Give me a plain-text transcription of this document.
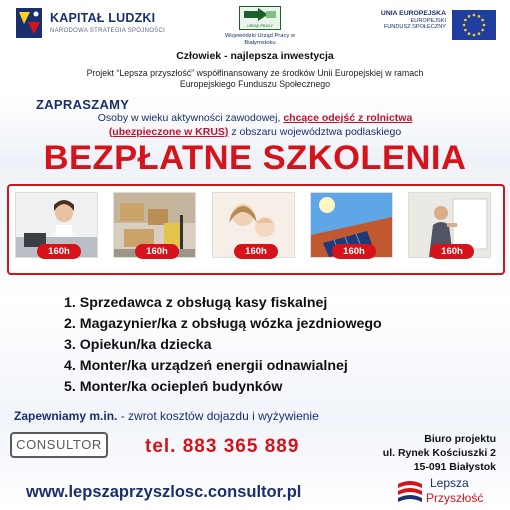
KAPITAŁ LUDZKI
NARODOWA STRATEGIA SPÓJNOŚCI
URZĄD PRACY
Wojewódzki Urząd Pracy w Białymstoku
UNIA EUROPEJSKA
EUROPEJSKI
FUNDUSZ SPOŁECZNY
Człowiek - najlepsza inwestycja
Projekt “Lepsza przyszłość” współfinansowany ze środków Unii Europejskiej w ramach Europejskiego Funduszu Społecznego
ZAPRASZAMY
Osoby w wieku aktywności zawodowej, chcące odejść z rolnictwa
(ubezpieczone w KRUS) z obszaru województwa podlaskiego
BEZPŁATNE SZKOLENIA
160h	160h	160h	160h	160h
1. Sprzedawca z obsługą kasy fiskalnej
2. Magazynier/ka z obsługą wózka jezdniowego
3. Opiekun/ka dziecka
4. Monter/ka urządzeń energii odnawialnej
5. Monter/ka ociepleń budynków
Zapewniamy m.in. - zwrot kosztów dojazdu i wyżywienie
CONSULTOR	tel. 883 365 889	Biuro projektu
ul. Rynek Kościuszki 2
15-091 Białystok
www.lepszaprzyszlosc.consultor.pl	Lepsza
Przyszłość
